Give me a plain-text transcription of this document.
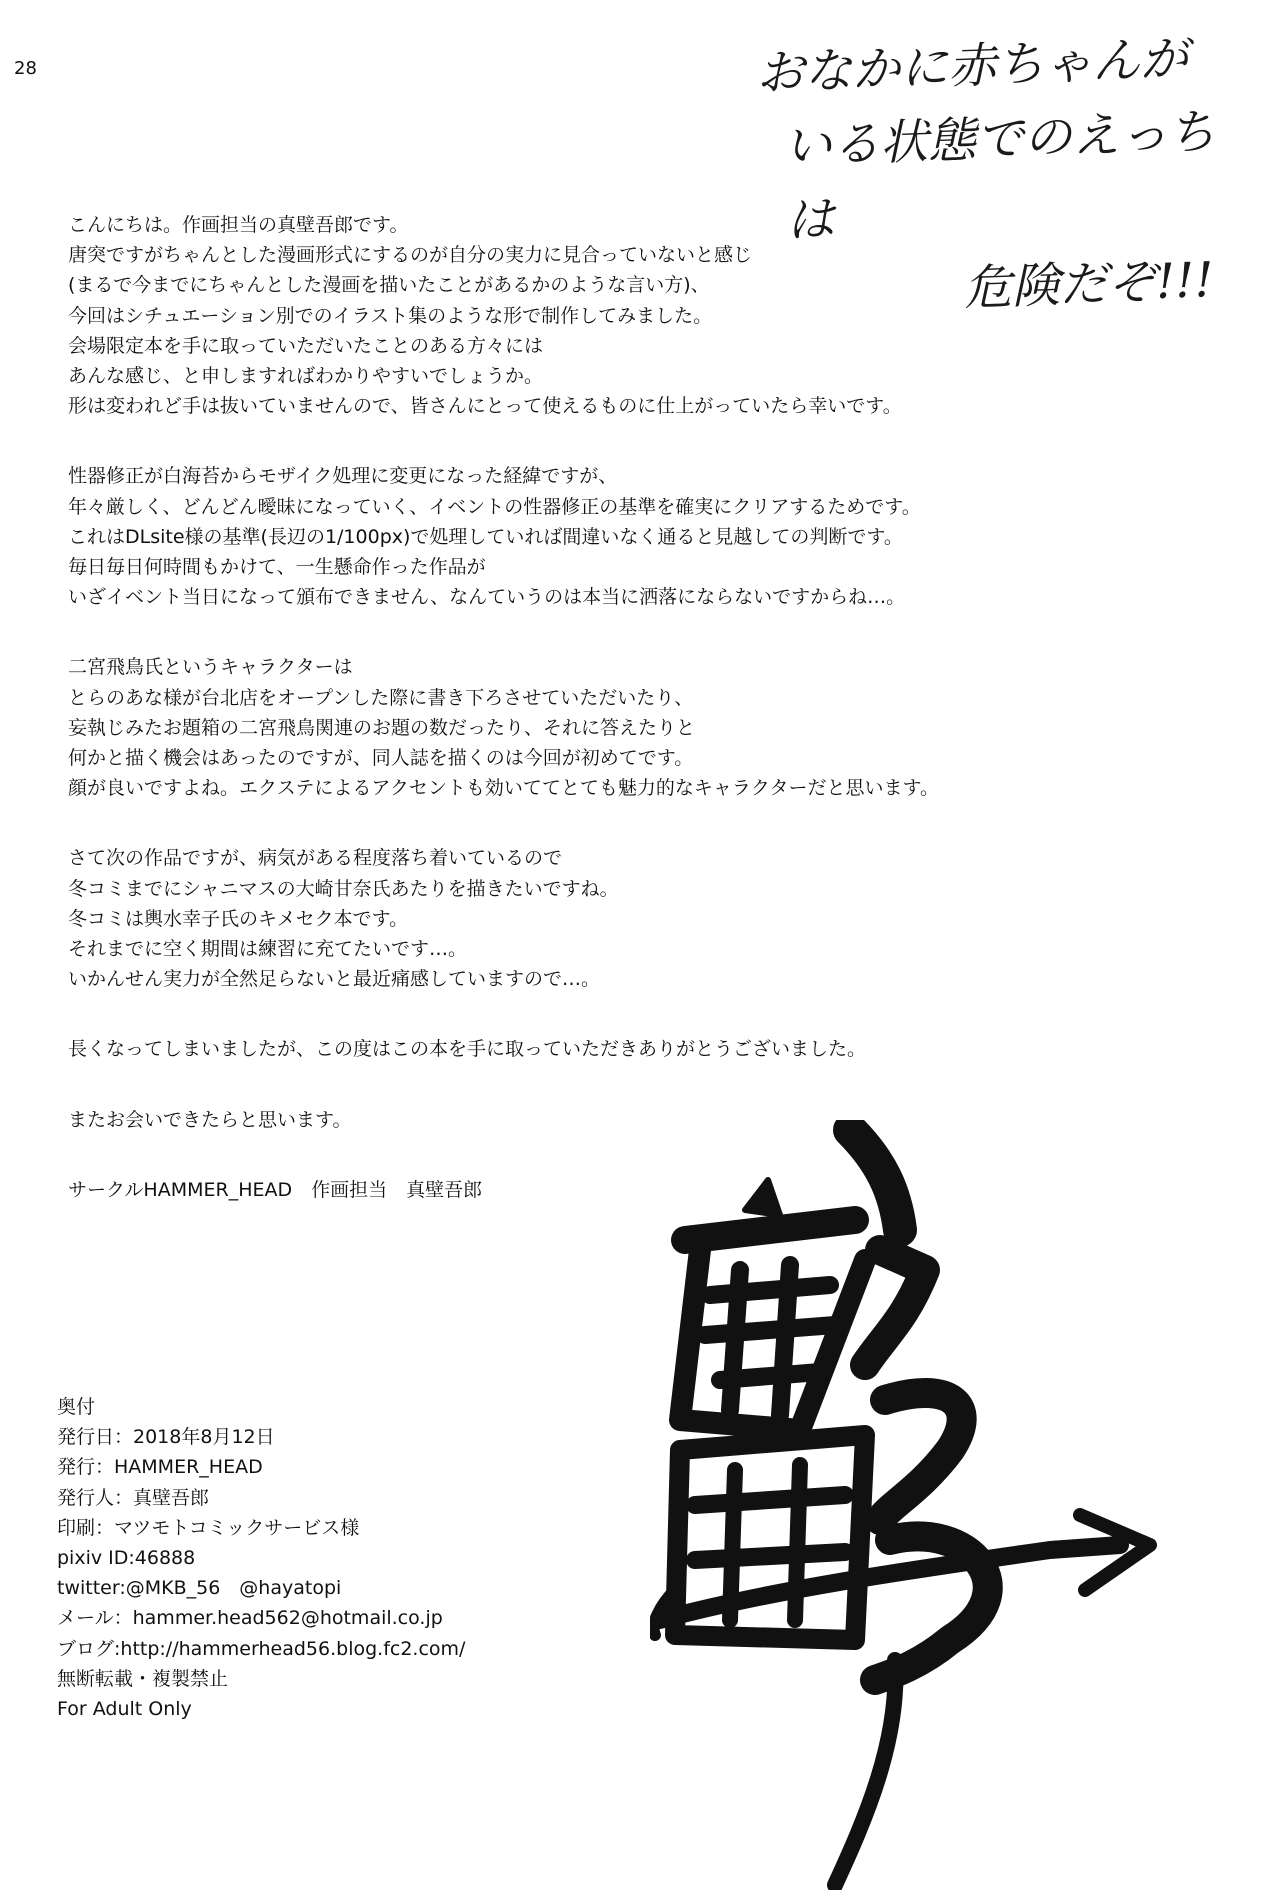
28	おなかに赤ちゃんが
いる状態でのえっちは
危険だぞ!!!

こんにちは。作画担当の真壁吾郎です。
唐突ですがちゃんとした漫画形式にするのが自分の実力に見合っていないと感じ
(まるで今までにちゃんとした漫画を描いたことがあるかのような言い方)、
今回はシチュエーション別でのイラスト集のような形で制作してみました。
会場限定本を手に取っていただいたことのある方々には
あんな感じ、と申しますればわかりやすいでしょうか。
形は変われど手は抜いていませんので、皆さんにとって使えるものに仕上がっていたら幸いです。

性器修正が白海苔からモザイク処理に変更になった経緯ですが、
年々厳しく、どんどん曖昧になっていく、イベントの性器修正の基準を確実にクリアするためです。
これはDLsite様の基準(長辺の1/100px)で処理していれば間違いなく通ると見越しての判断です。
毎日毎日何時間もかけて、一生懸命作った作品が
いざイベント当日になって頒布できません、なんていうのは本当に洒落にならないですからね…。

二宮飛鳥氏というキャラクターは
とらのあな様が台北店をオープンした際に書き下ろさせていただいたり、
妄執じみたお題箱の二宮飛鳥関連のお題の数だったり、それに答えたりと
何かと描く機会はあったのですが、同人誌を描くのは今回が初めてです。
顔が良いですよね。エクステによるアクセントも効いててとても魅力的なキャラクターだと思います。

さて次の作品ですが、病気がある程度落ち着いているので
冬コミまでにシャニマスの大崎甘奈氏あたりを描きたいですね。
冬コミは輿水幸子氏のキメセク本です。
それまでに空く期間は練習に充てたいです…。
いかんせん実力が全然足らないと最近痛感していますので…。

長くなってしまいましたが、この度はこの本を手に取っていただきありがとうございました。

またお会いできたらと思います。

サークルHAMMER_HEAD　作画担当　真壁吾郎

奥付
発行日：2018年8月12日
発行：HAMMER_HEAD
発行人：真壁吾郎
印刷：マツモトコミックサービス様
pixiv ID:46888
twitter:@MKB_56　@hayatopi
メール：hammer.head562@hotmail.co.jp
ブログ:http://hammerhead56.blog.fc2.com/
無断転載・複製禁止
For Adult Only
